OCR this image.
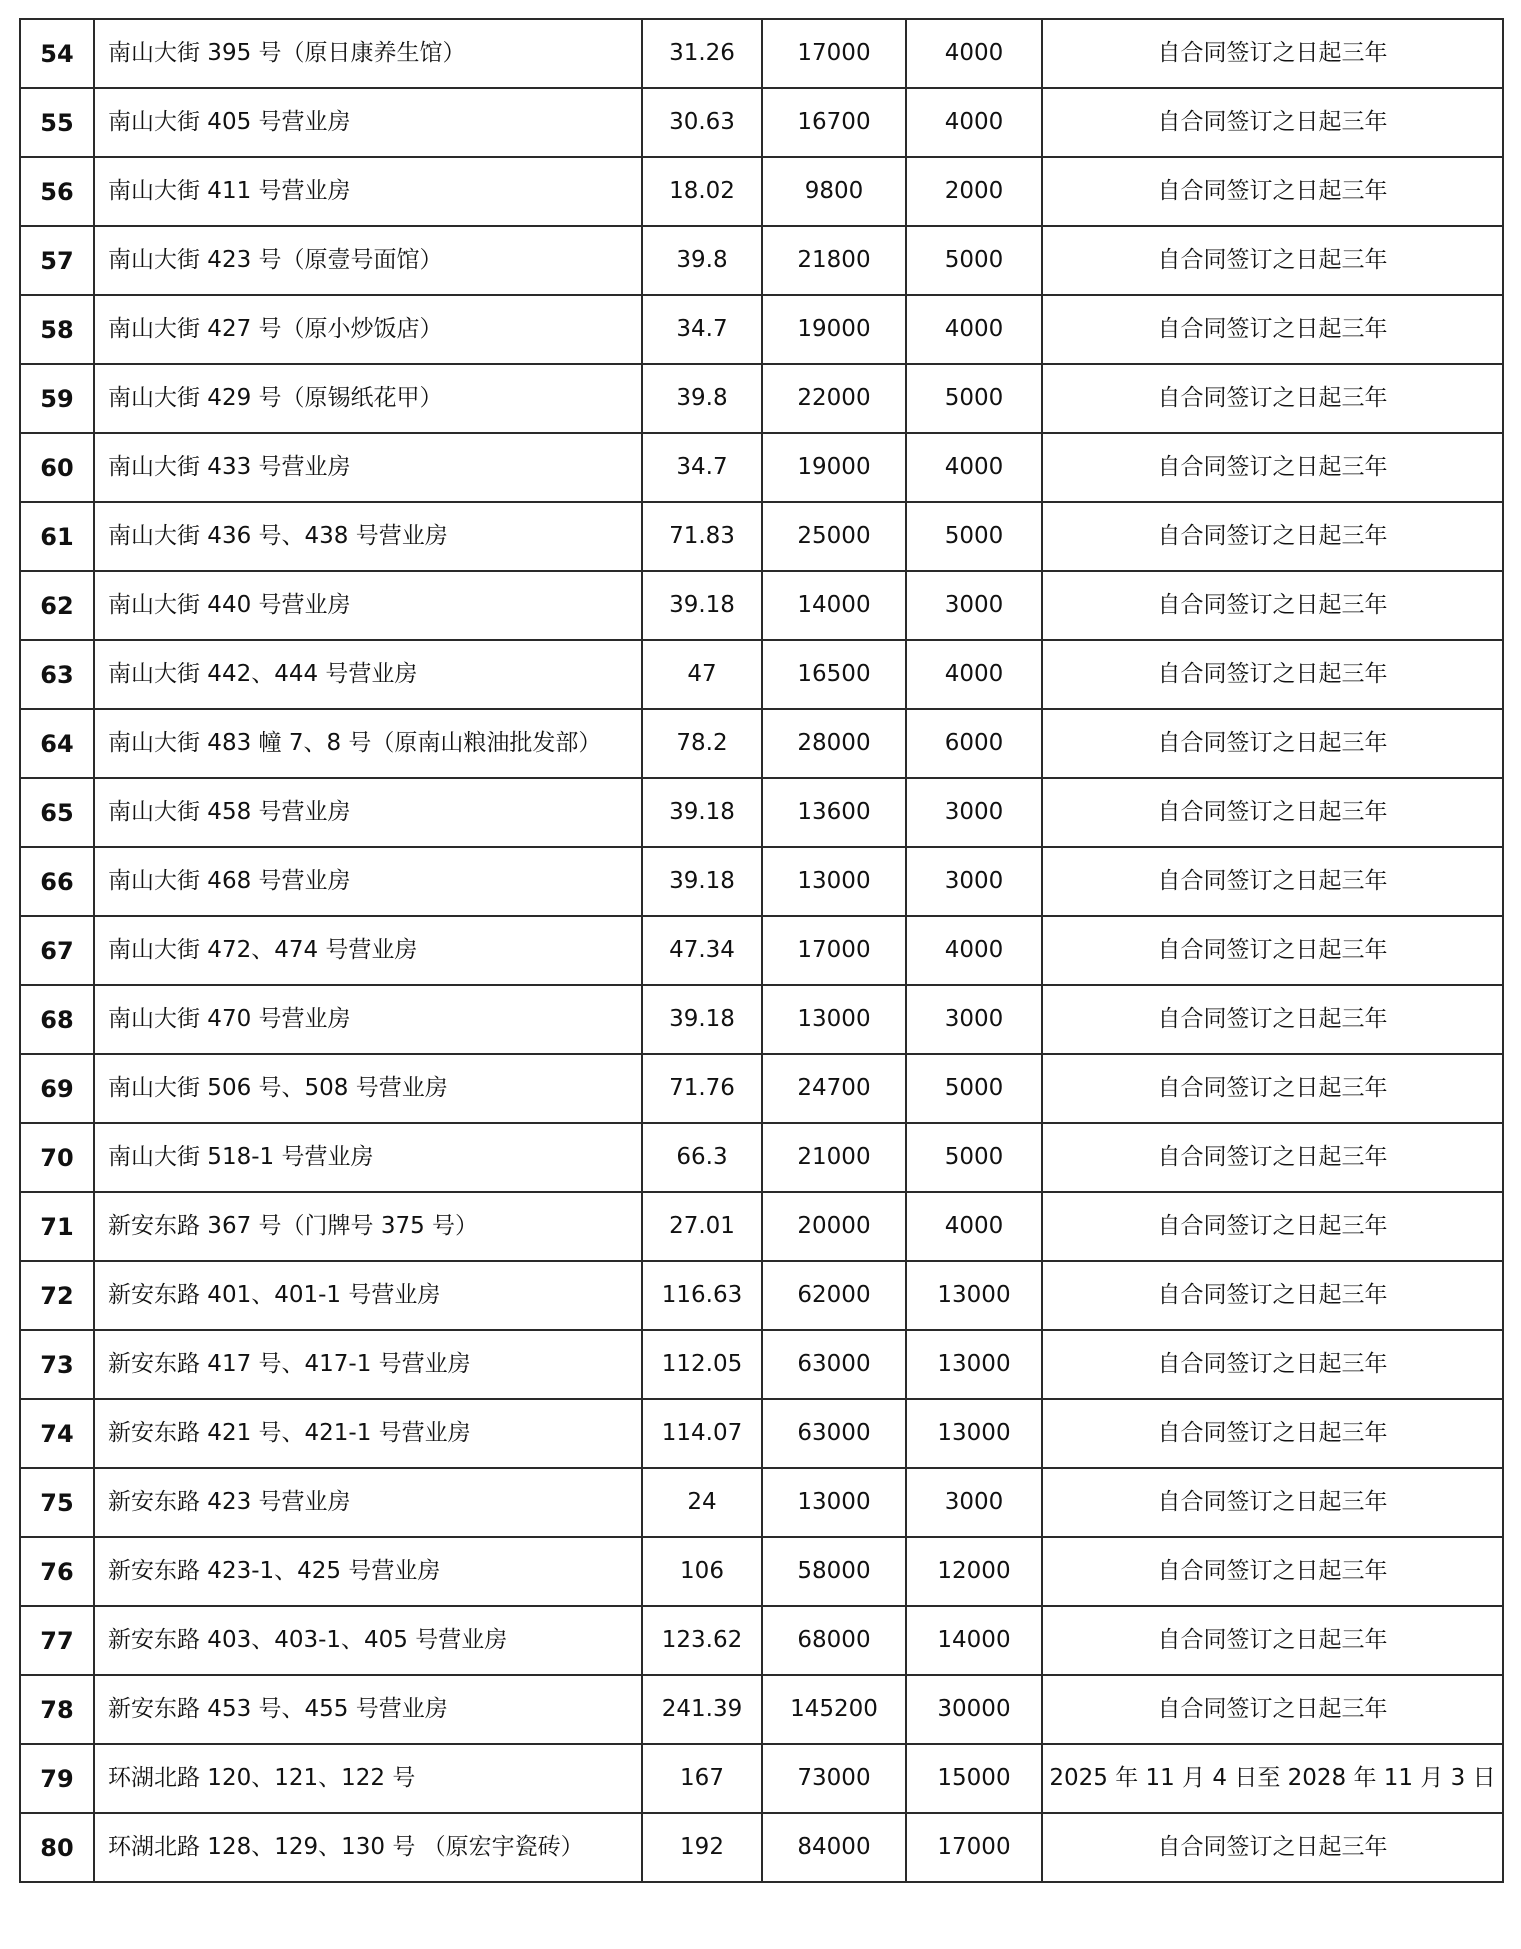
54	南山大街 395 号（原日康养生馆）	31.26	17000	4000	自合同签订之日起三年
55	南山大街 405 号营业房	30.63	16700	4000	自合同签订之日起三年
56	南山大街 411 号营业房	18.02	9800	2000	自合同签订之日起三年
57	南山大街 423 号（原壹号面馆）	39.8	21800	5000	自合同签订之日起三年
58	南山大街 427 号（原小炒饭店）	34.7	19000	4000	自合同签订之日起三年
59	南山大街 429 号（原锡纸花甲）	39.8	22000	5000	自合同签订之日起三年
60	南山大街 433 号营业房	34.7	19000	4000	自合同签订之日起三年
61	南山大街 436 号、438 号营业房	71.83	25000	5000	自合同签订之日起三年
62	南山大街 440 号营业房	39.18	14000	3000	自合同签订之日起三年
63	南山大街 442、444 号营业房	47	16500	4000	自合同签订之日起三年
64	南山大街 483 幢 7、8 号（原南山粮油批发部）	78.2	28000	6000	自合同签订之日起三年
65	南山大街 458 号营业房	39.18	13600	3000	自合同签订之日起三年
66	南山大街 468 号营业房	39.18	13000	3000	自合同签订之日起三年
67	南山大街 472、474 号营业房	47.34	17000	4000	自合同签订之日起三年
68	南山大街 470 号营业房	39.18	13000	3000	自合同签订之日起三年
69	南山大街 506 号、508 号营业房	71.76	24700	5000	自合同签订之日起三年
70	南山大街 518-1 号营业房	66.3	21000	5000	自合同签订之日起三年
71	新安东路 367 号（门牌号 375 号）	27.01	20000	4000	自合同签订之日起三年
72	新安东路 401、401-1 号营业房	116.63	62000	13000	自合同签订之日起三年
73	新安东路 417 号、417-1 号营业房	112.05	63000	13000	自合同签订之日起三年
74	新安东路 421 号、421-1 号营业房	114.07	63000	13000	自合同签订之日起三年
75	新安东路 423 号营业房	24	13000	3000	自合同签订之日起三年
76	新安东路 423-1、425 号营业房	106	58000	12000	自合同签订之日起三年
77	新安东路 403、403-1、405 号营业房	123.62	68000	14000	自合同签订之日起三年
78	新安东路 453 号、455 号营业房	241.39	145200	30000	自合同签订之日起三年
79	环湖北路 120、121、122 号	167	73000	15000	2025 年 11 月 4 日至 2028 年 11 月 3 日
80	环湖北路 128、129、130 号 （原宏宇瓷砖）	192	84000	17000	自合同签订之日起三年
